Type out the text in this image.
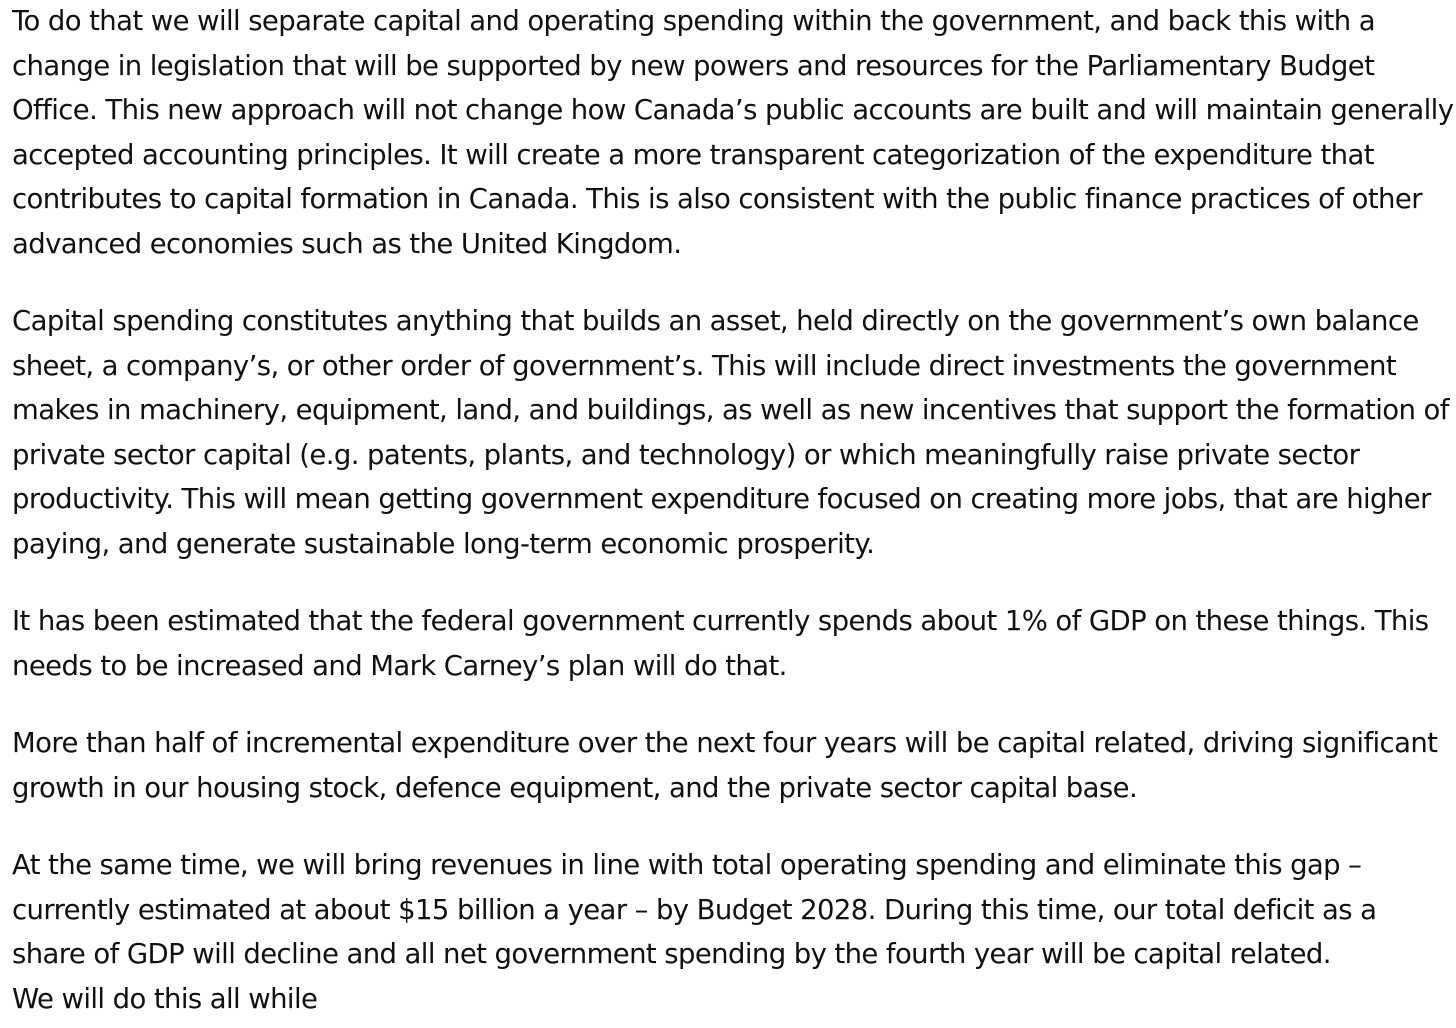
To do that we will separate capital and operating spending within the government, and back this with a change in legislation that will be supported by new powers and resources for the Parliamentary Budget Office. This new approach will not change how Canada’s public accounts are built and will maintain generally accepted accounting principles. It will create a more transparent categorization of the expenditure that contributes to capital formation in Canada. This is also consistent with the public finance practices of other advanced economies such as the United Kingdom.

Capital spending constitutes anything that builds an asset, held directly on the government’s own balance sheet, a company’s, or other order of government’s. This will include direct investments the government makes in machinery, equipment, land, and buildings, as well as new incentives that support the formation of private sector capital (e.g. patents, plants, and technology) or which meaningfully raise private sector productivity. This will mean getting government expenditure focused on creating more jobs, that are higher paying, and generate sustainable long-term economic prosperity.

It has been estimated that the federal government currently spends about 1% of GDP on these things. This needs to be increased and Mark Carney’s plan will do that.

More than half of incremental expenditure over the next four years will be capital related, driving significant growth in our housing stock, defence equipment, and the private sector capital base.

At the same time, we will bring revenues in line with total operating spending and eliminate this gap – currently estimated at about $15 billion a year – by Budget 2028. During this time, our total deficit as a share of GDP will decline and all net government spending by the fourth year will be capital related.

We will do this all while
